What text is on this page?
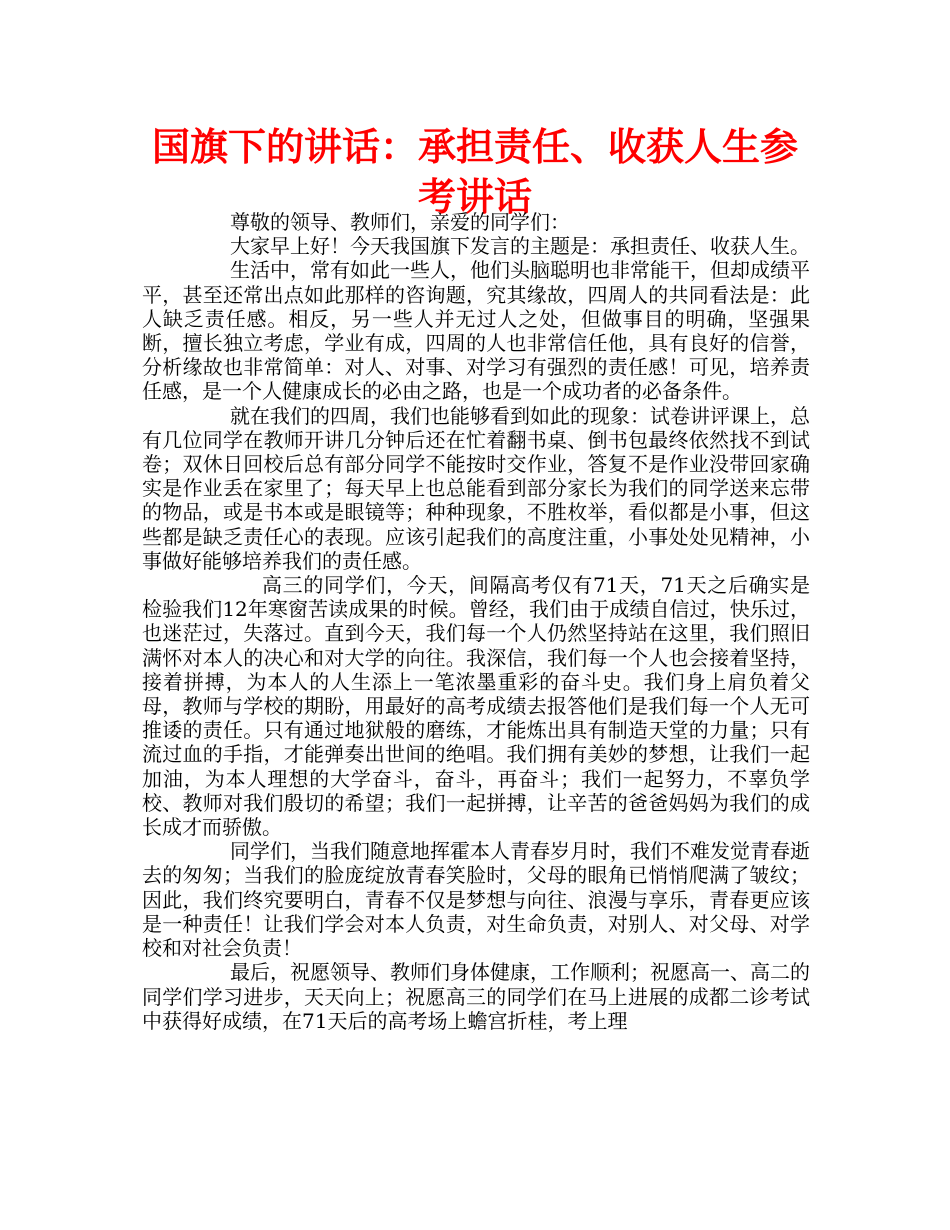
国旗下的讲话：承担责任、收获人生参考讲话

尊敬的领导、教师们，亲爱的同学们：

大家早上好！今天我国旗下发言的主题是：承担责任、收获人生。

生活中，常有如此一些人，他们头脑聪明也非常能干，但却成绩平平，甚至还常出点如此那样的咨询题，究其缘故，四周人的共同看法是：此人缺乏责任感。相反，另一些人并无过人之处，但做事目的明确，坚强果断，擅长独立考虑，学业有成，四周的人也非常信任他，具有良好的信誉，分析缘故也非常简单：对人、对事、对学习有强烈的责任感！可见，培养责任感，是一个人健康成长的必由之路，也是一个成功者的必备条件。

就在我们的四周，我们也能够看到如此的现象：试卷讲评课上，总有几位同学在教师开讲几分钟后还在忙着翻书桌、倒书包最终依然找不到试卷；双休日回校后总有部分同学不能按时交作业，答复不是作业没带回家确实是作业丢在家里了；每天早上也总能看到部分家长为我们的同学送来忘带的物品，或是书本或是眼镜等；种种现象，不胜枚举，看似都是小事，但这些都是缺乏责任心的表现。应该引起我们的高度注重，小事处处见精神，小事做好能够培养我们的责任感。

高三的同学们，今天，间隔高考仅有71天，71天之后确实是检验我们12年寒窗苦读成果的时候。曾经，我们由于成绩自信过，快乐过，也迷茫过，失落过。直到今天，我们每一个人仍然坚持站在这里，我们照旧满怀对本人的决心和对大学的向往。我深信，我们每一个人也会接着坚持，接着拼搏，为本人的人生添上一笔浓墨重彩的奋斗史。我们身上肩负着父母，教师与学校的期盼，用最好的高考成绩去报答他们是我们每一个人无可推诿的责任。只有通过地狱般的磨练，才能炼出具有制造天堂的力量；只有流过血的手指，才能弹奏出世间的绝唱。我们拥有美妙的梦想，让我们一起加油，为本人理想的大学奋斗，奋斗，再奋斗；我们一起努力，不辜负学校、教师对我们殷切的希望；我们一起拼搏，让辛苦的爸爸妈妈为我们的成长成才而骄傲。

同学们，当我们随意地挥霍本人青春岁月时，我们不难发觉青春逝去的匆匆；当我们的脸庞绽放青春笑脸时，父母的眼角已悄悄爬满了皱纹；因此，我们终究要明白，青春不仅是梦想与向往、浪漫与享乐，青春更应该是一种责任！让我们学会对本人负责，对生命负责，对别人、对父母、对学校和对社会负责！

最后，祝愿领导、教师们身体健康，工作顺利；祝愿高一、高二的同学们学习进步，天天向上；祝愿高三的同学们在马上进展的成都二诊考试中获得好成绩，在71天后的高考场上蟾宫折桂，考上理
